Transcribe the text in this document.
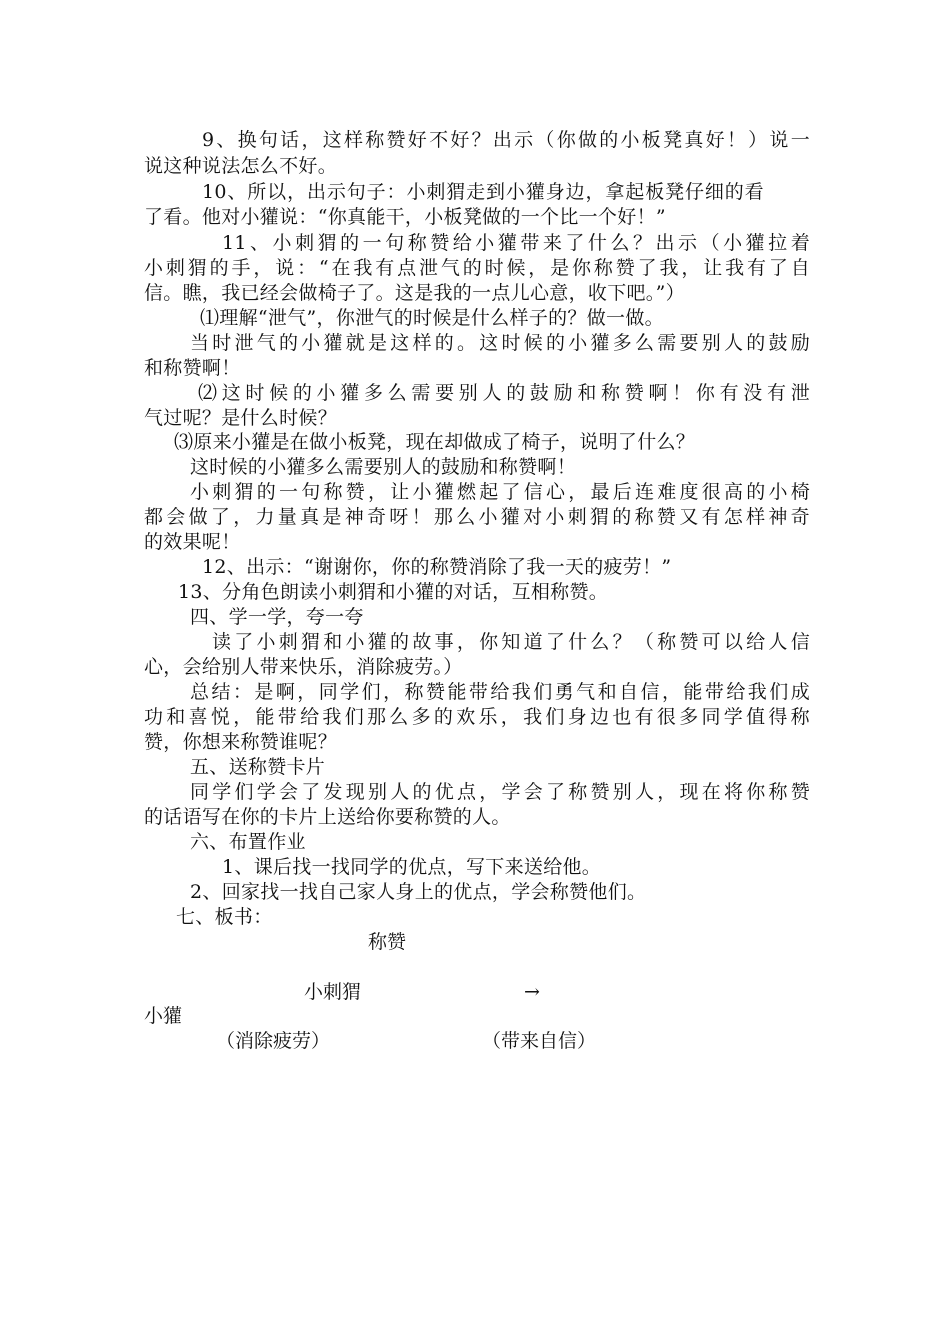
9、换句话，这样称赞好不好？出示（你做的小板凳真好！）说一
说这种说法怎么不好。
10、所以，出示句子：小刺猬走到小獾身边，拿起板凳仔细的看
了看。他对小獾说：“你真能干，小板凳做的一个比一个好！”
11、小刺猬的一句称赞给小獾带来了什么？出示（小獾拉着
小刺猬的手，说：“在我有点泄气的时候，是你称赞了我，让我有了自
信。瞧，我已经会做椅子了。这是我的一点儿心意，收下吧。”）
⑴理解“泄气”，你泄气的时候是什么样子的？做一做。
当时泄气的小獾就是这样的。这时候的小獾多么需要别人的鼓励
和称赞啊！
⑵这时候的小獾多么需要别人的鼓励和称赞啊！你有没有泄
气过呢？是什么时候？
⑶原来小獾是在做小板凳，现在却做成了椅子，说明了什么？
这时候的小獾多么需要别人的鼓励和称赞啊！
小刺猬的一句称赞，让小獾燃起了信心，最后连难度很高的小椅
都会做了，力量真是神奇呀！那么小獾对小刺猬的称赞又有怎样神奇
的效果呢！
12、出示：“谢谢你，你的称赞消除了我一天的疲劳！”
13、分角色朗读小刺猬和小獾的对话，互相称赞。
四、学一学，夸一夸
读了小刺猬和小獾的故事，你知道了什么？（称赞可以给人信
心，会给别人带来快乐，消除疲劳。）
总结：是啊，同学们，称赞能带给我们勇气和自信，能带给我们成
功和喜悦，能带给我们那么多的欢乐，我们身边也有很多同学值得称
赞，你想来称赞谁呢？
五、送称赞卡片
同学们学会了发现别人的优点，学会了称赞别人，现在将你称赞
的话语写在你的卡片上送给你要称赞的人。
六、布置作业
1、课后找一找同学的优点，写下来送给他。
2、回家找一找自己家人身上的优点，学会称赞他们。
七、板书：
称赞
小刺猬	→
小獾
（消除疲劳）	（带来自信）
